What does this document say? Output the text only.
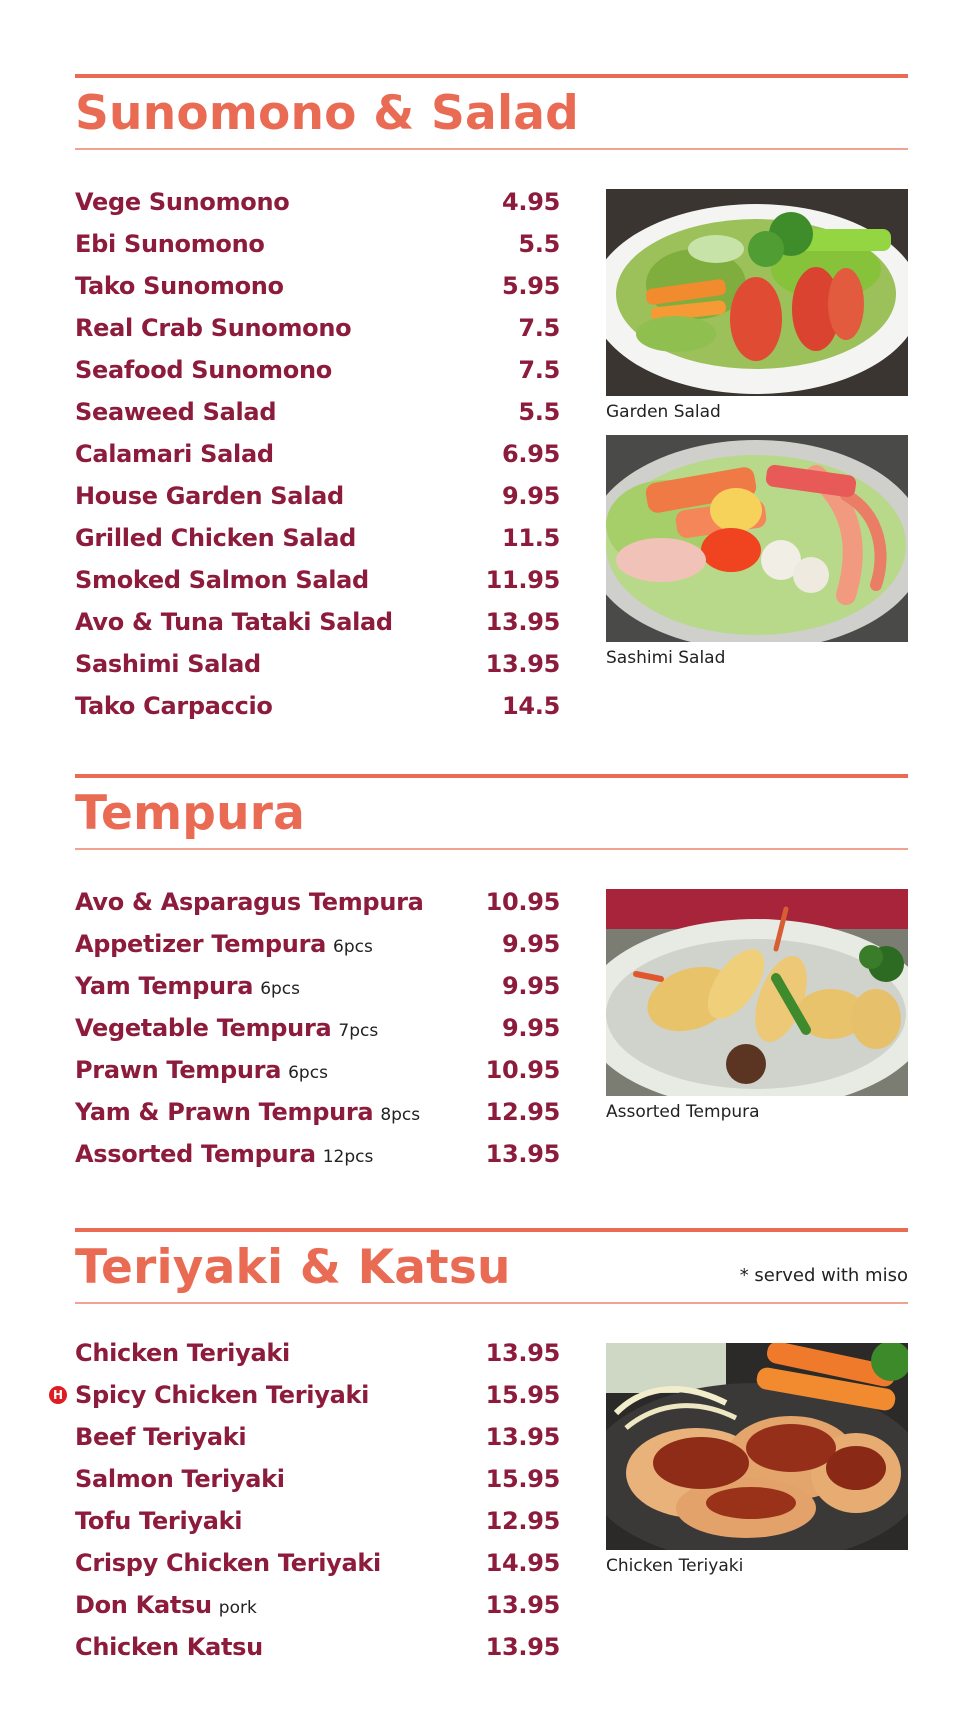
Sunomono & Salad
Vege Sunomono	4.95
Ebi Sunomono	5.5
Tako Sunomono	5.95
Real Crab Sunomono	7.5
Seafood Sunomono	7.5
Seaweed Salad	5.5
Calamari Salad	6.95
House Garden Salad	9.95
Grilled Chicken Salad	11.5
Smoked Salmon Salad	11.95
Avo & Tuna Tataki Salad	13.95
Sashimi Salad	13.95
Tako Carpaccio	14.5
Garden Salad
Sashimi Salad
Tempura
Avo & Asparagus Tempura	10.95
Appetizer Tempura 6pcs	9.95
Yam Tempura 6pcs	9.95
Vegetable Tempura 7pcs	9.95
Prawn Tempura 6pcs	10.95
Yam & Prawn Tempura 8pcs	12.95
Assorted Tempura 12pcs	13.95
Assorted Tempura
Teriyaki & Katsu	* served with miso
Chicken Teriyaki	13.95
H Spicy Chicken Teriyaki	15.95
Beef Teriyaki	13.95
Salmon Teriyaki	15.95
Tofu Teriyaki	12.95
Crispy Chicken Teriyaki	14.95
Don Katsu pork	13.95
Chicken Katsu	13.95
Chicken Teriyaki
